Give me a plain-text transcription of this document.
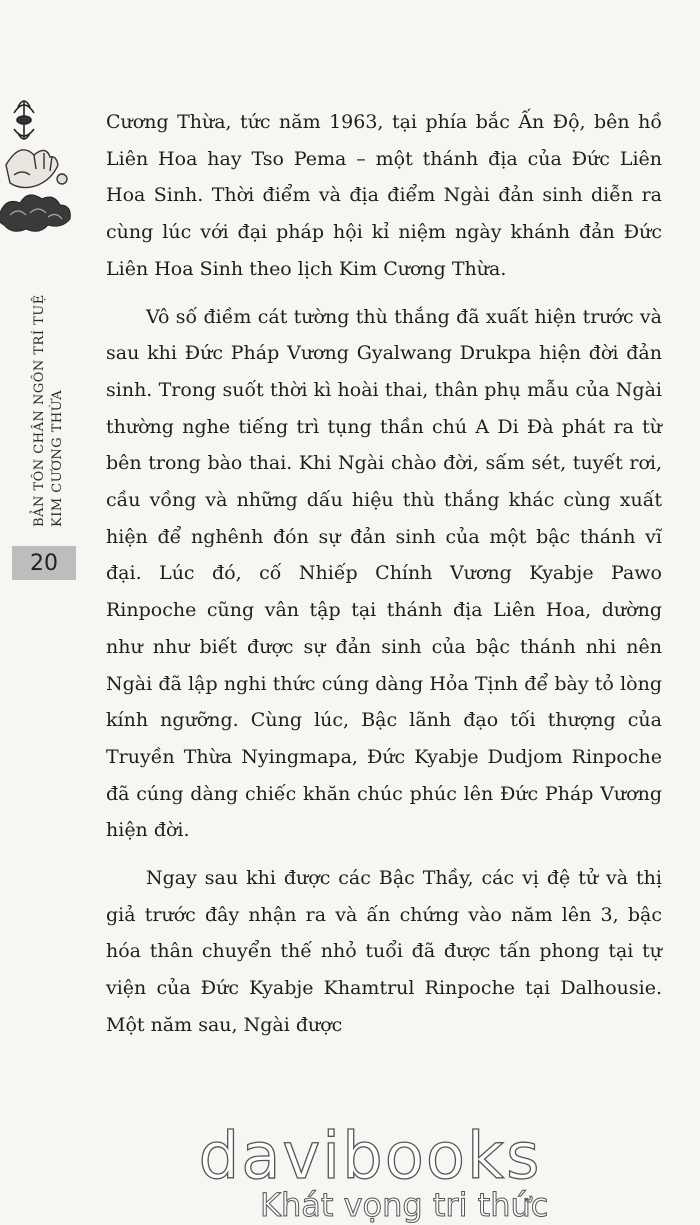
BẢN TÔN CHÂN NGÔN TRÍ TUỆ KIM CƯƠNG THỪA
20

Cương Thừa, tức năm 1963, tại phía bắc Ấn Độ, bên hồ Liên Hoa hay Tso Pema – một thánh địa của Đức Liên Hoa Sinh. Thời điểm và địa điểm Ngài đản sinh diễn ra cùng lúc với đại pháp hội kỉ niệm ngày khánh đản Đức Liên Hoa Sinh theo lịch Kim Cương Thừa.

Vô số điềm cát tường thù thắng đã xuất hiện trước và sau khi Đức Pháp Vương Gyalwang Drukpa hiện đời đản sinh. Trong suốt thời kì hoài thai, thân phụ mẫu của Ngài thường nghe tiếng trì tụng thần chú A Di Đà phát ra từ bên trong bào thai. Khi Ngài chào đời, sấm sét, tuyết rơi, cầu vồng và những dấu hiệu thù thắng khác cùng xuất hiện để nghênh đón sự đản sinh của một bậc thánh vĩ đại. Lúc đó, cố Nhiếp Chính Vương Kyabje Pawo Rinpoche cũng vân tập tại thánh địa Liên Hoa, dường như như biết được sự đản sinh của bậc thánh nhi nên Ngài đã lập nghi thức cúng dàng Hỏa Tịnh để bày tỏ lòng kính ngưỡng. Cùng lúc, Bậc lãnh đạo tối thượng của Truyền Thừa Nyingmapa, Đức Kyabje Dudjom Rinpoche đã cúng dàng chiếc khăn chúc phúc lên Đức Pháp Vương hiện đời.

Ngay sau khi được các Bậc Thầy, các vị đệ tử và thị giả trước đây nhận ra và ấn chứng vào năm lên 3, bậc hóa thân chuyển thế nhỏ tuổi đã được tấn phong tại tự viện của Đức Kyabje Khamtrul Rinpoche tại Dalhousie. Một năm sau, Ngài được

davibooks
Khát vọng tri thức
